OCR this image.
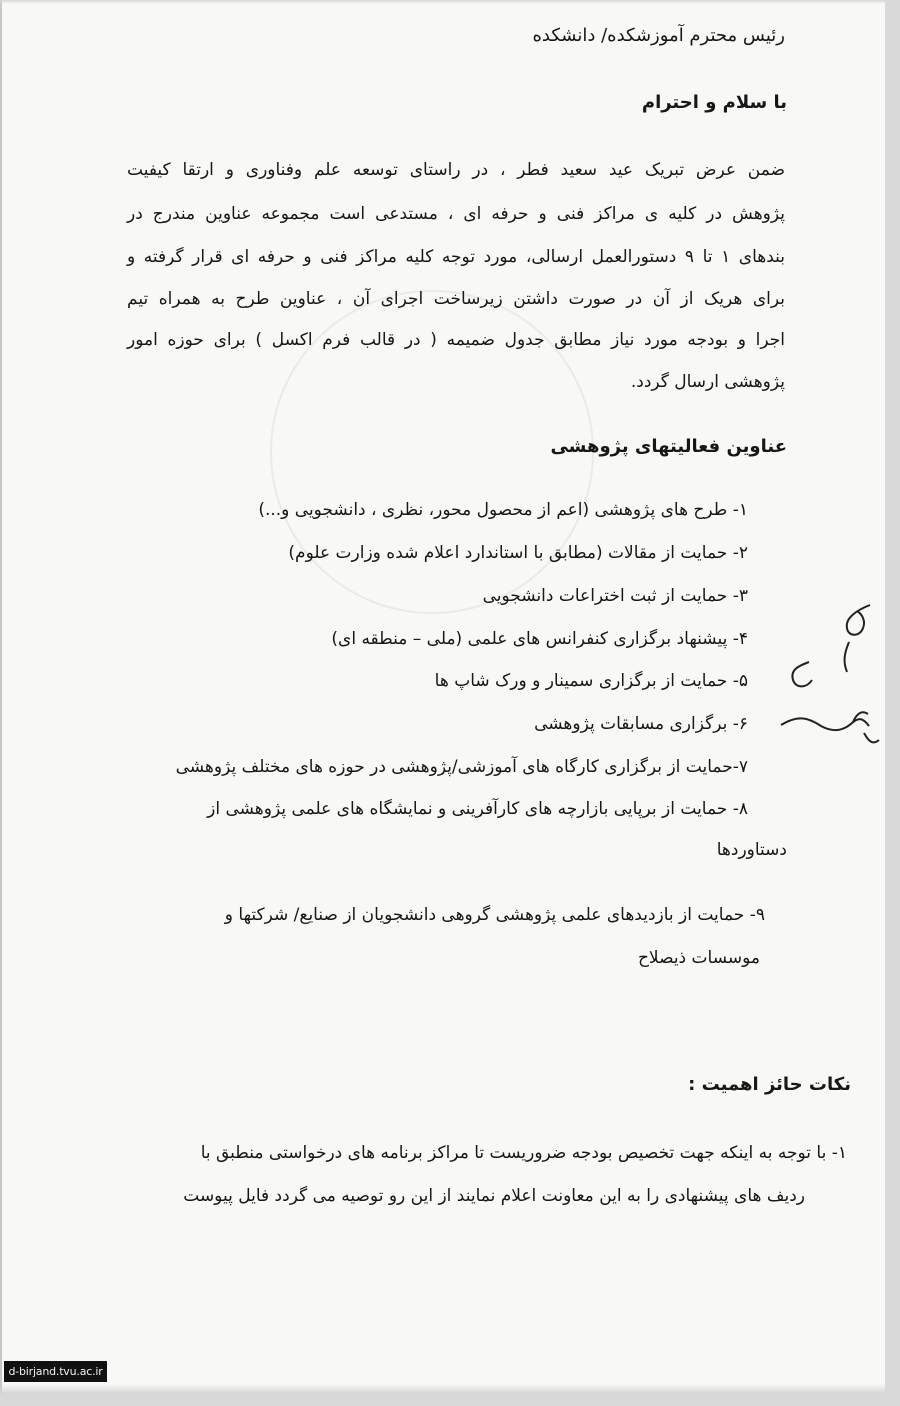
رئیس محترم آموزشکده/ دانشکده
با سلام و احترام
ضمن عرض تبریک عید سعید فطر ، در راستای توسعه علم وفناوری و ارتقا کیفیت
پژوهش در کلیه ی مراکز فنی و حرفه ای ، مستدعی است مجموعه عناوین مندرج در
بندهای ۱ تا ۹ دستورالعمل ارسالی، مورد توجه کلیه مراکز فنی و حرفه ای قرار گرفته و
برای هریک از آن در صورت داشتن زیرساخت اجرای آن ، عناوین طرح به همراه تیم
اجرا و بودجه مورد نیاز مطابق جدول ضمیمه ( در قالب فرم اکسل ) برای حوزه امور
پژوهشی ارسال گردد.
عناوین فعالیتهای پژوهشی
۱- طرح های پژوهشی (اعم از محصول محور، نظری ، دانشجویی و...)
۲- حمایت از مقالات (مطابق با استاندارد اعلام شده وزارت علوم)
۳- حمایت از ثبت اختراعات دانشجویی
۴- پیشنهاد برگزاری کنفرانس های علمی (ملی – منطقه ای)
۵- حمایت از برگزاری سمینار و ورک شاپ ها
۶- برگزاری مسابقات پژوهشی
۷-حمایت از برگزاری کارگاه های آموزشی/پژوهشی در حوزه های مختلف پژوهشی
۸- حمایت از برپایی بازارچه های کارآفرینی و نمایشگاه های علمی پژوهشی از
دستاوردها
۹- حمایت از بازدیدهای علمی پژوهشی گروهی دانشجویان از صنایع/ شرکتها و
موسسات ذیصلاح
نکات حائز اهمیت :
۱- با توجه به اینکه جهت تخصیص بودجه ضروریست تا مراکز برنامه های درخواستی منطبق با
ردیف های پیشنهادی را به این معاونت اعلام نمایند از این رو توصیه می گردد فایل پیوست
d-birjand.tvu.ac.ir
